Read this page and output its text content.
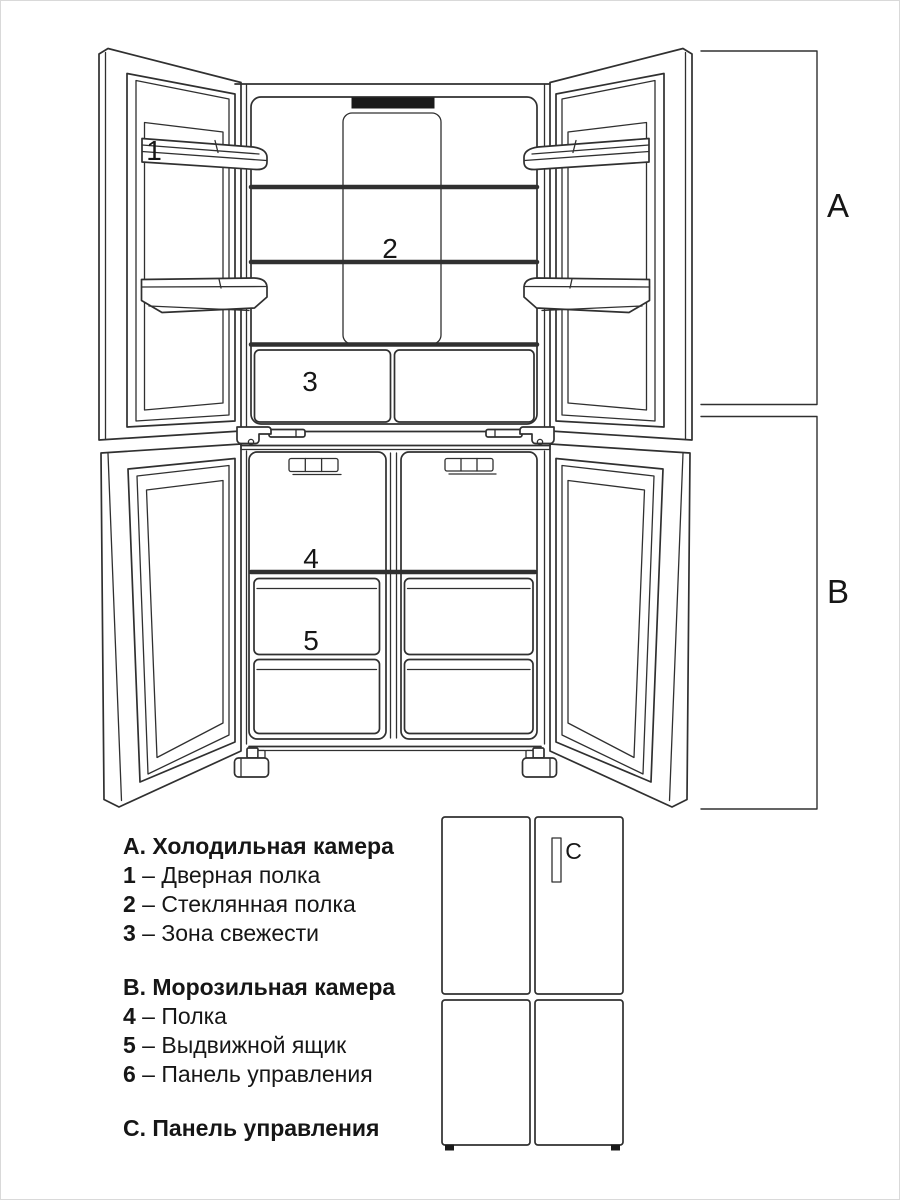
A
B
1
2
3
4
5
C
А. Холодильная камера
1 – Дверная полка
2 – Стеклянная полка
3 – Зона свежести
В. Морозильная камера
4 – Полка
5 – Выдвижной ящик
6 – Панель управления
С. Панель управления
